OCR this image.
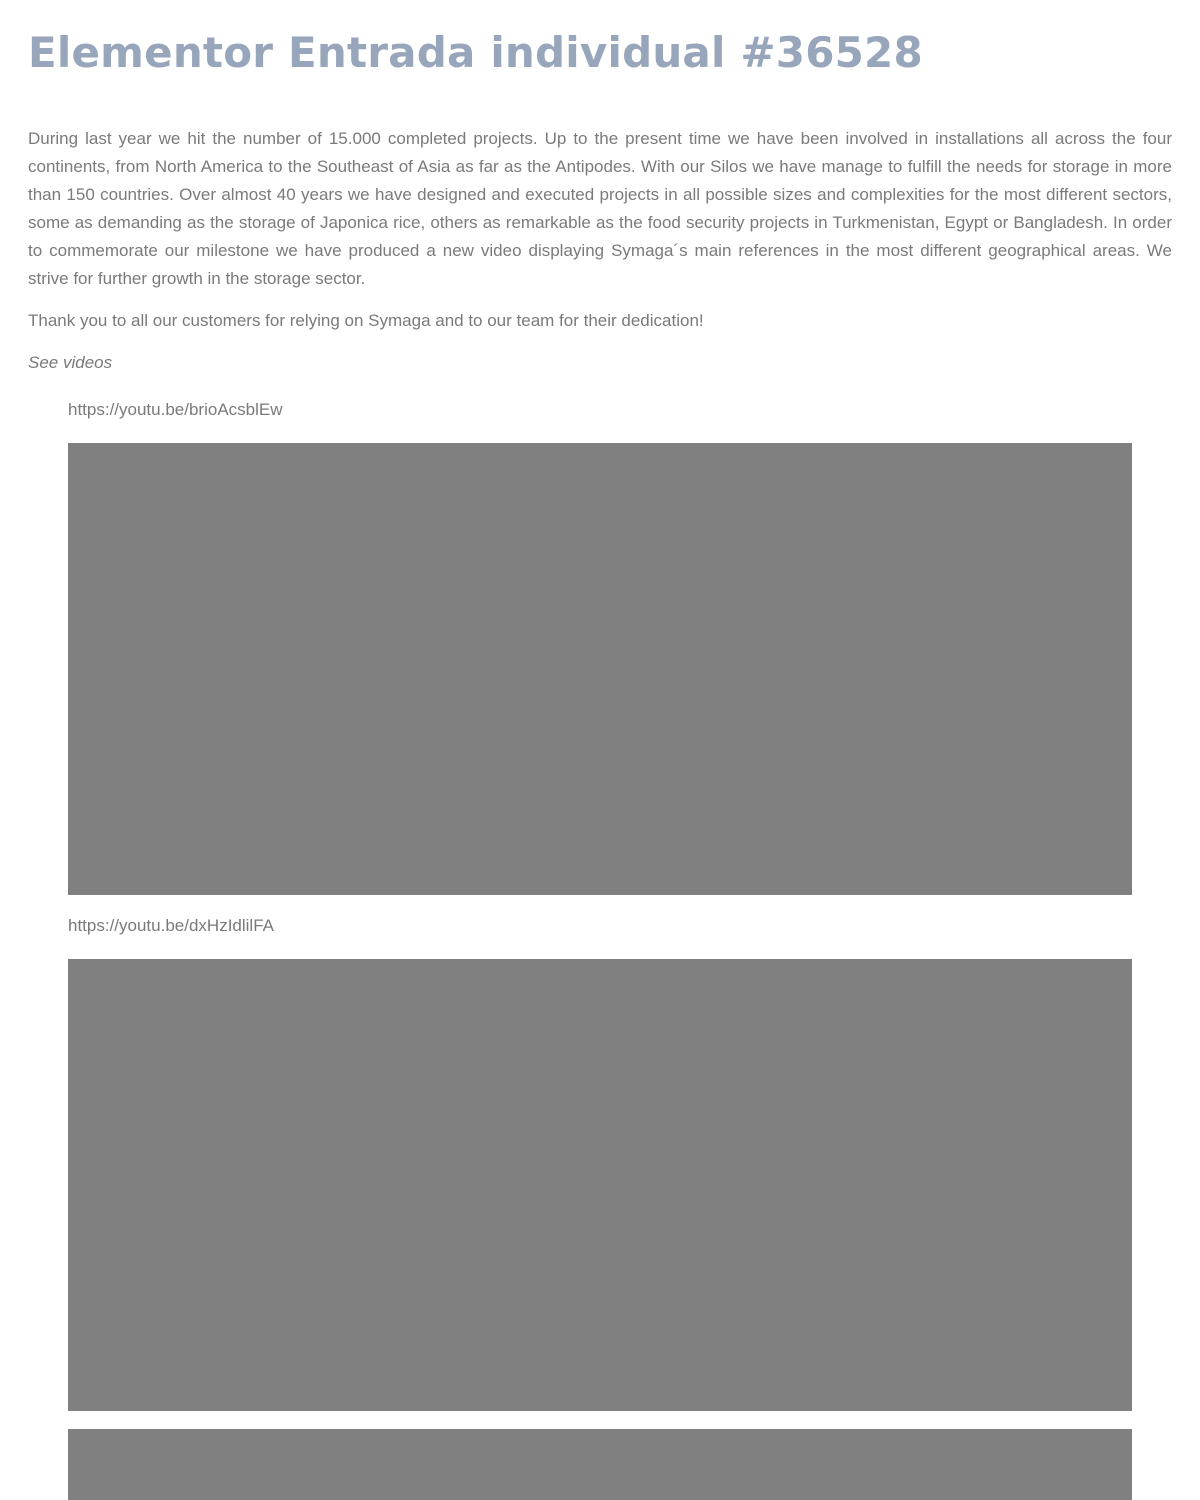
Elementor Entrada individual #36528

During last year we hit the number of 15.000 completed projects. Up to the present time we have been involved in installations all across the four continents, from North America to the Southeast of Asia as far as the Antipodes. With our Silos we have manage to fulfill the needs for storage in more than 150 countries. Over almost 40 years we have designed and executed projects in all possible sizes and complexities for the most different sectors, some as demanding as the storage of Japonica rice, others as remarkable as the food security projects in Turkmenistan, Egypt or Bangladesh. In order to commemorate our milestone we have produced a new video displaying Symaga´s main references in the most different geographical areas. We strive for further growth in the storage sector.

Thank you to all our customers for relying on Symaga and to our team for their dedication!

See videos

https://youtu.be/brioAcsblEw
https://youtu.be/dxHzIdlilFA
